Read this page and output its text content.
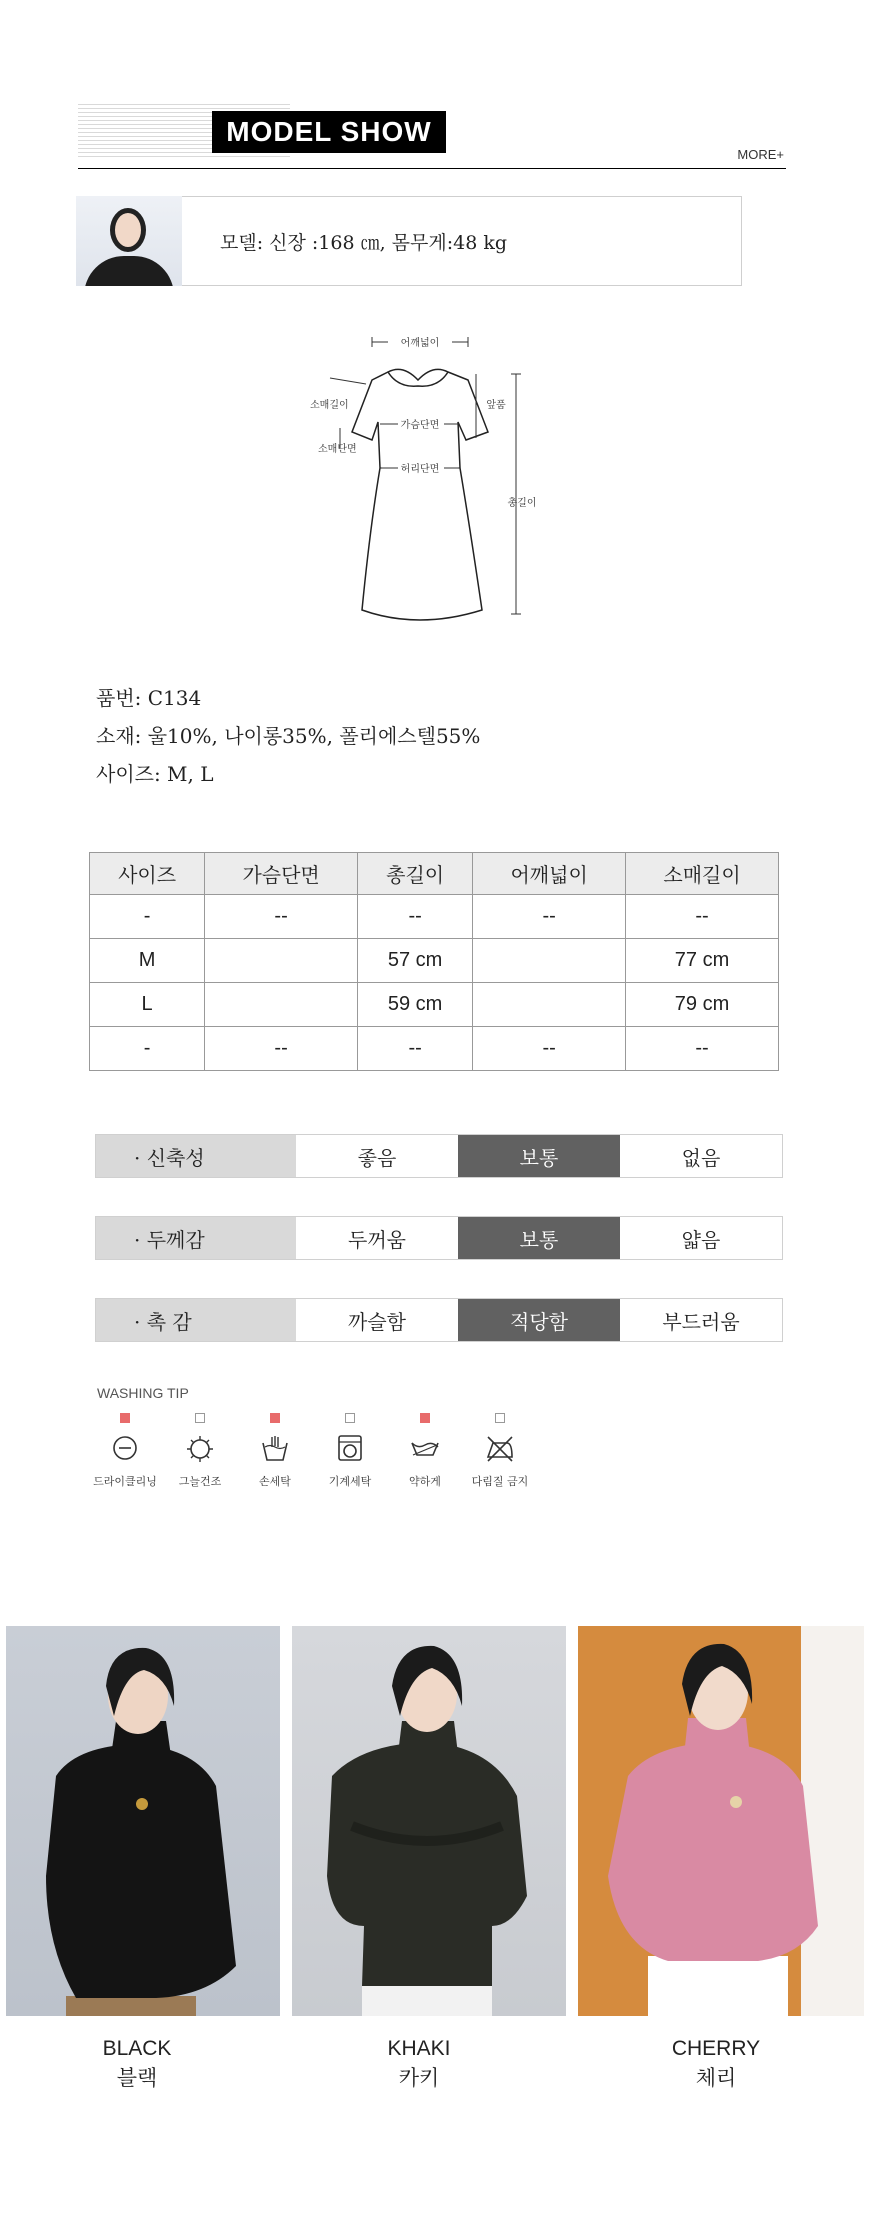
MODEL SHOW
MORE+
모델: 신장 :168 ㎝, 몸무게:48 kg
어깨넓이
가슴단면
허리단면
앞품
총길이
소매길이
소매단면
품번: C134
소재: 울10%, 나이롱35%, 폴리에스텔55%
사이즈: M, L
사이즈	가슴단면	총길이	어깨넓이	소매길이
-	--	--	--	--
M		57 cm		77 cm
L		59 cm		79 cm
-	--	--	--	--
· 신축성	좋음	보통	없음
· 두께감	두꺼움	보통	얇음
· 촉 감	까슬함	적당함	부드러움
WASHING TIP
드라이클리닝	그늘건조	손세탁	기계세탁	약하게	다림질 금지
BLACK
블랙
KHAKI
카키
CHERRY
체리
